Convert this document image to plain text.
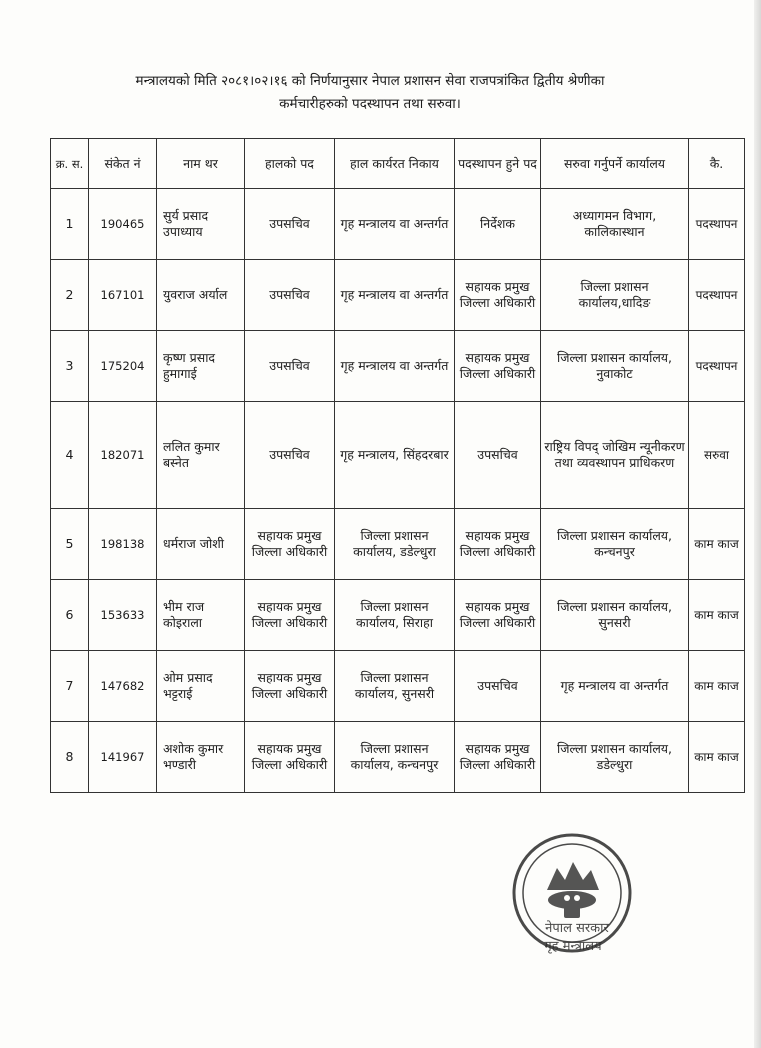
मन्त्रालयको मिति २०८१।०२।१६ को निर्णयानुसार नेपाल प्रशासन सेवा राजपत्रांकित द्वितीय श्रेणीका
कर्मचारीहरुको पदस्थापन तथा सरुवा।
क्र. स.	संकेत नं	नाम थर	हालको पद	हाल कार्यरत निकाय	पदस्थापन हुने पद	सरुवा गर्नुपर्ने कार्यालय	कै.
1	190465	सुर्य प्रसाद उपाध्याय	उपसचिव	गृह मन्त्रालय वा अन्तर्गत	निर्देशक	अध्यागमन विभाग, कालिकास्थान	पदस्थापन
2	167101	युवराज अर्याल	उपसचिव	गृह मन्त्रालय वा अन्तर्गत	सहायक प्रमुख जिल्ला अधिकारी	जिल्ला प्रशासन कार्यालय,धादिङ	पदस्थापन
3	175204	कृष्ण प्रसाद हुमागाई	उपसचिव	गृह मन्त्रालय वा अन्तर्गत	सहायक प्रमुख जिल्ला अधिकारी	जिल्ला प्रशासन कार्यालय, नुवाकोट	पदस्थापन
4	182071	ललित कुमार बस्नेत	उपसचिव	गृह मन्त्रालय, सिंहदरबार	उपसचिव	राष्ट्रिय विपद् जोखिम न्यूनीकरण तथा व्यवस्थापन प्राधिकरण	सरुवा
5	198138	धर्मराज जोशी	सहायक प्रमुख जिल्ला अधिकारी	जिल्ला प्रशासन कार्यालय, डडेल्धुरा	सहायक प्रमुख जिल्ला अधिकारी	जिल्ला प्रशासन कार्यालय, कन्चनपुर	काम काज
6	153633	भीम राज कोइराला	सहायक प्रमुख जिल्ला अधिकारी	जिल्ला प्रशासन कार्यालय, सिराहा	सहायक प्रमुख जिल्ला अधिकारी	जिल्ला प्रशासन कार्यालय, सुनसरी	काम काज
7	147682	ओम प्रसाद भट्टराई	सहायक प्रमुख जिल्ला अधिकारी	जिल्ला प्रशासन कार्यालय, सुनसरी	उपसचिव	गृह मन्त्रालय वा अन्तर्गत	काम काज
8	141967	अशोक कुमार भण्डारी	सहायक प्रमुख जिल्ला अधिकारी	जिल्ला प्रशासन कार्यालय, कन्चनपुर	सहायक प्रमुख जिल्ला अधिकारी	जिल्ला प्रशासन कार्यालय, डडेल्धुरा	काम काज
नेपाल सरकार
गृह मन्त्रालय
